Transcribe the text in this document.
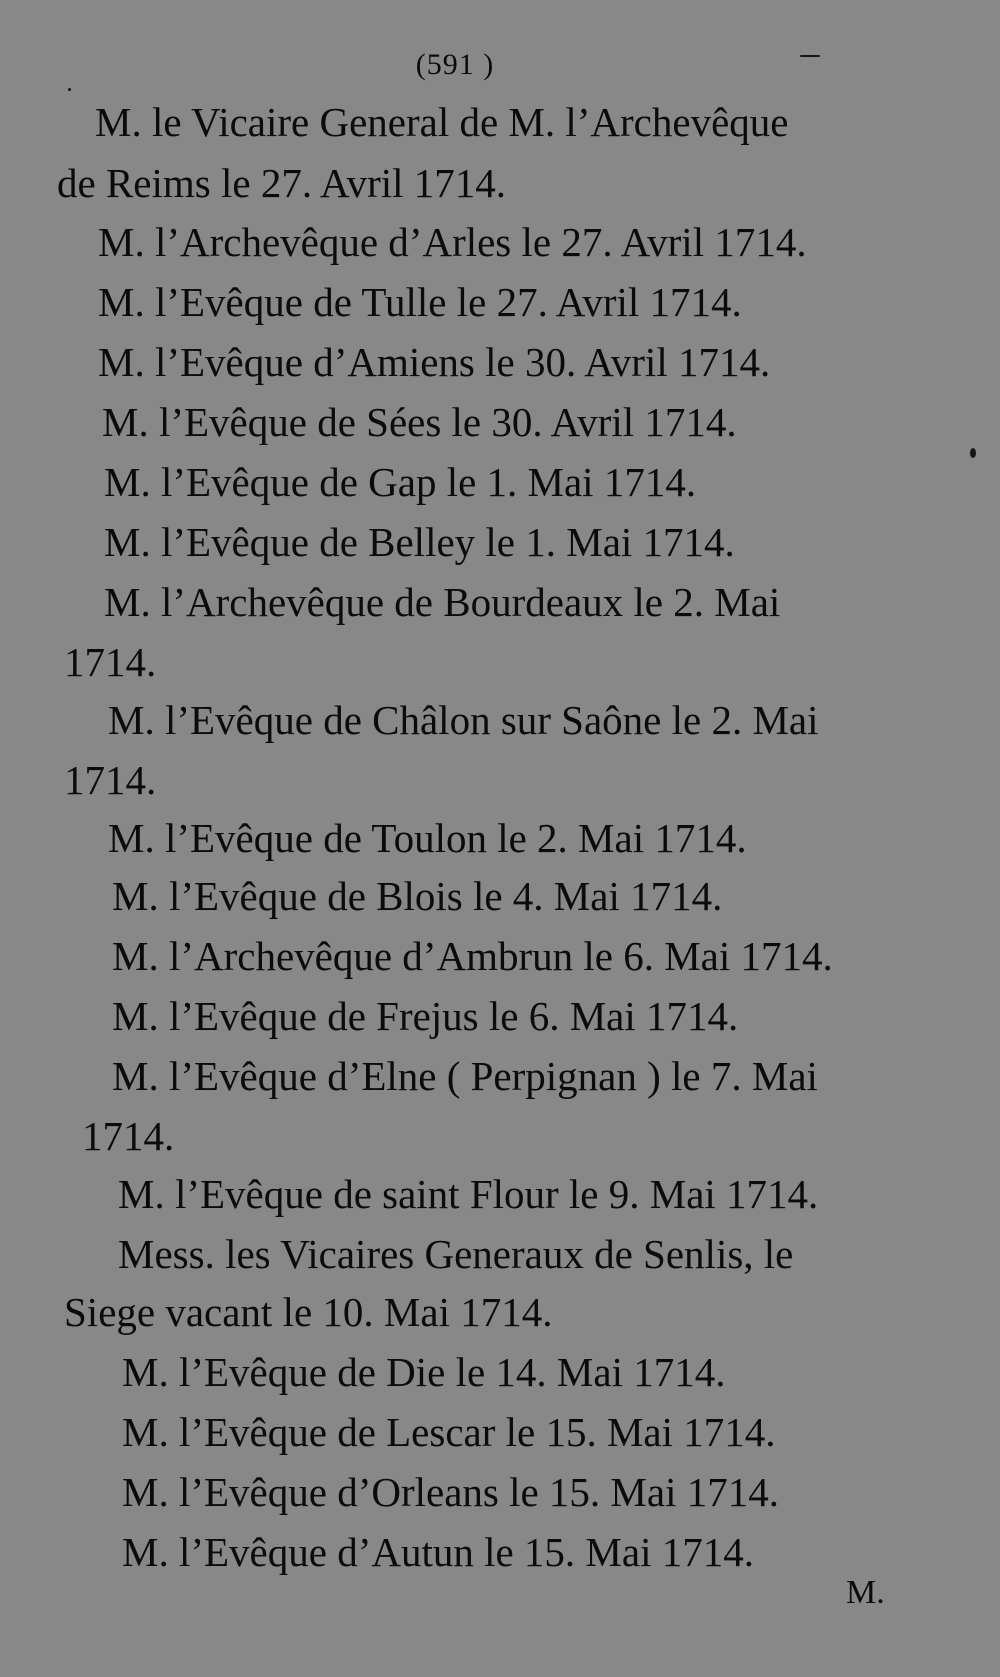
(591 )
M. le Vicaire General de M. l’Archevêque
de Reims le 27. Avril 1714.
M. l’Archevêque d’Arles le 27. Avril 1714.
M. l’Evêque de Tulle le 27. Avril 1714.
M. l’Evêque d’Amiens le 30. Avril 1714.
M. l’Evêque de Sées le 30. Avril 1714.
M. l’Evêque de Gap le 1. Mai 1714.
M. l’Evêque de Belley le 1. Mai 1714.
M. l’Archevêque de Bourdeaux le 2. Mai
1714.
M. l’Evêque de Châlon sur Saône le 2. Mai
1714.
M. l’Evêque de Toulon le 2. Mai 1714.
M. l’Evêque de Blois le 4. Mai 1714.
M. l’Archevêque d’Ambrun le 6. Mai 1714.
M. l’Evêque de Frejus le 6. Mai 1714.
M. l’Evêque d’Elne ( Perpignan ) le 7. Mai
1714.
M. l’Evêque de saint Flour le 9. Mai 1714.
Mess. les Vicaires Generaux de Senlis, le
Siege vacant le 10. Mai 1714.
M. l’Evêque de Die le 14. Mai 1714.
M. l’Evêque de Lescar le 15. Mai 1714.
M. l’Evêque d’Orleans le 15. Mai 1714.
M. l’Evêque d’Autun le 15. Mai 1714.
M.
